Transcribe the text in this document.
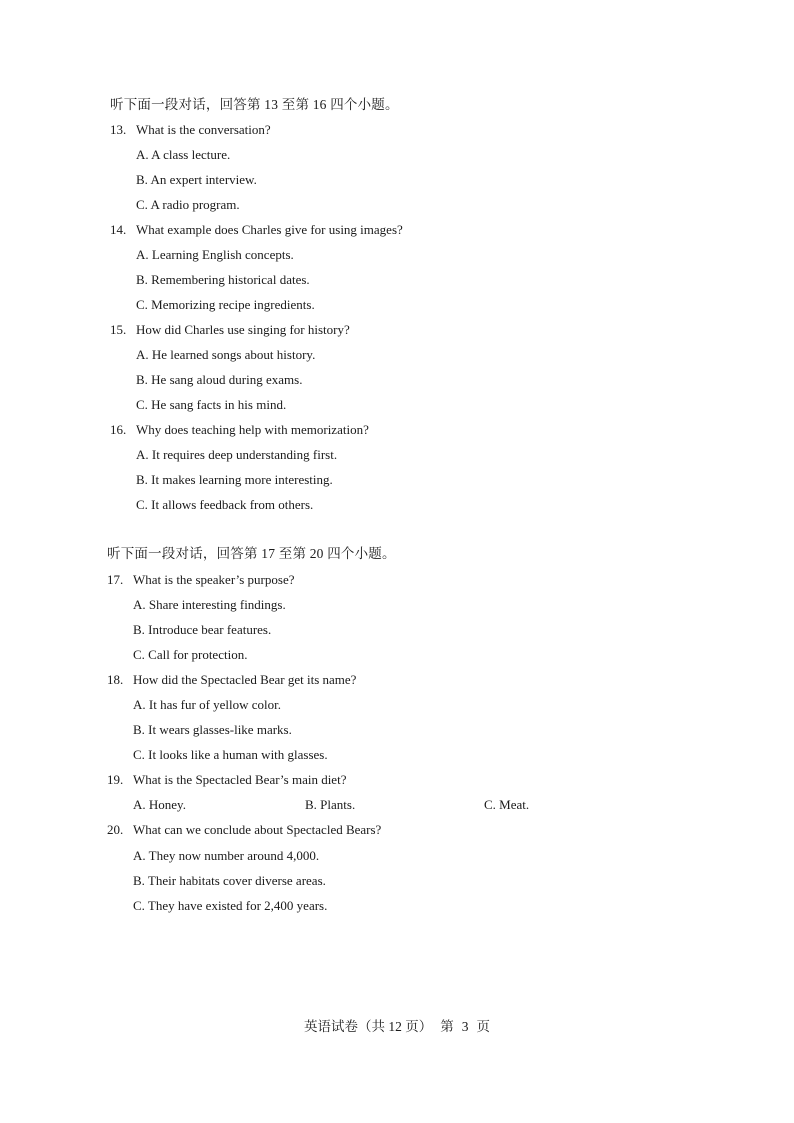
听下面一段对话，回答第 13 至第 16 四个小题。
13. What is the conversation?
A. A class lecture.
B. An expert interview.
C. A radio program.
14. What example does Charles give for using images?
A. Learning English concepts.
B. Remembering historical dates.
C. Memorizing recipe ingredients.
15. How did Charles use singing for history?
A. He learned songs about history.
B. He sang aloud during exams.
C. He sang facts in his mind.
16. Why does teaching help with memorization?
A. It requires deep understanding first.
B. It makes learning more interesting.
C. It allows feedback from others.
听下面一段对话，回答第 17 至第 20 四个小题。
17. What is the speaker’s purpose?
A. Share interesting findings.
B. Introduce bear features.
C. Call for protection.
18. How did the Spectacled Bear get its name?
A. It has fur of yellow color.
B. It wears glasses-like marks.
C. It looks like a human with glasses.
19. What is the Spectacled Bear’s main diet?
A. Honey.	B. Plants.	C. Meat.
20. What can we conclude about Spectacled Bears?
A. They now number around 4,000.
B. Their habitats cover diverse areas.
C. They have existed for 2,400 years.
英语试卷（共 12 页） 第 3 页
